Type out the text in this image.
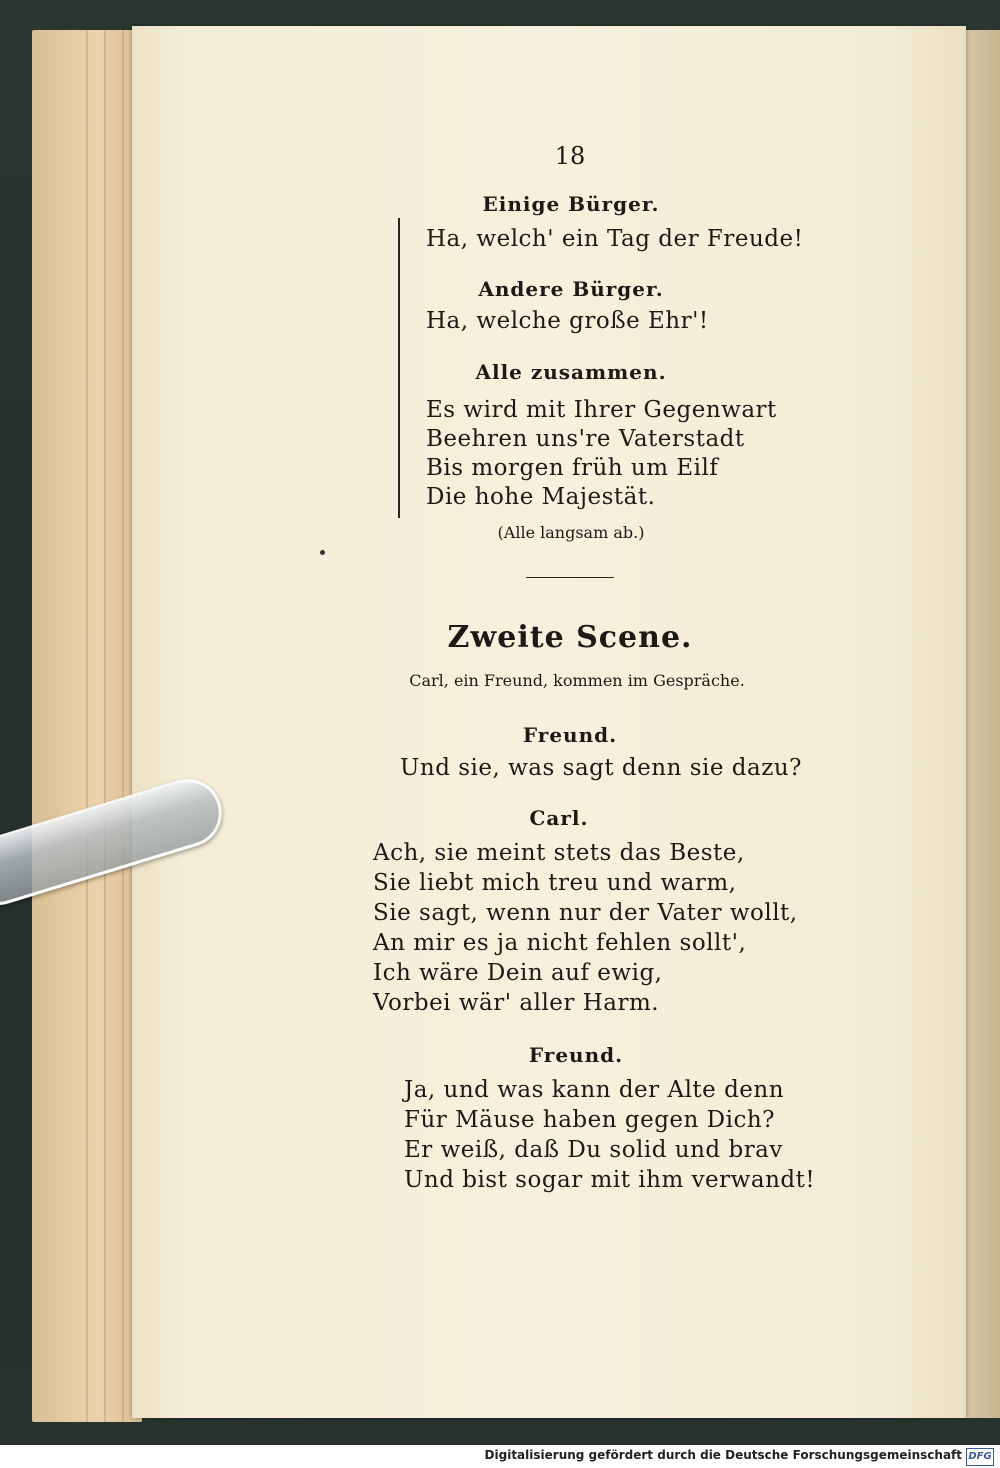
18
Einige Bürger.
Ha, welch' ein Tag der Freude!
Andere Bürger.
Ha, welche große Ehr'!
Alle zusammen.
Es wird mit Ihrer Gegenwart
Beehren uns're Vaterstadt
Bis morgen früh um Eilf
Die hohe Majestät.
(Alle langsam ab.)
Zweite Scene.
Carl, ein Freund, kommen im Gespräche.
Freund.
Und sie, was sagt denn sie dazu?
Carl.
Ach, sie meint stets das Beste,
Sie liebt mich treu und warm,
Sie sagt, wenn nur der Vater wollt,
An mir es ja nicht fehlen sollt',
Ich wäre Dein auf ewig,
Vorbei wär' aller Harm.
Freund.
Ja, und was kann der Alte denn
Für Mäuse haben gegen Dich?
Er weiß, daß Du solid und brav
Und bist sogar mit ihm verwandt!
Digitalisierung gefördert durch die Deutsche Forschungsgemeinschaft DFG
